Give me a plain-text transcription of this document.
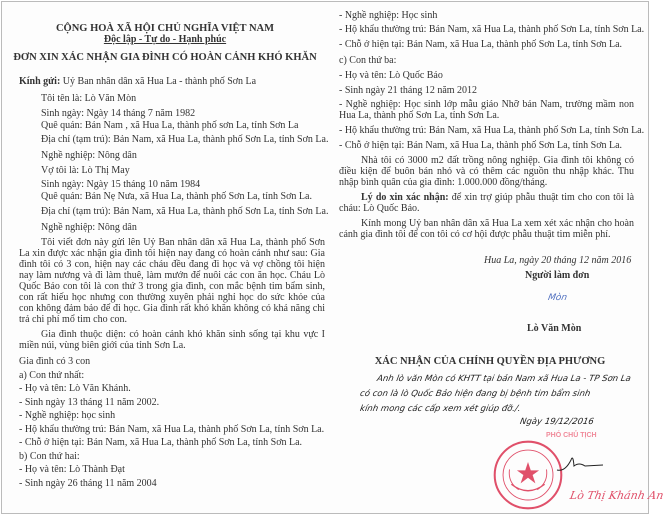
CỘNG HOÀ XÃ HỘI CHỦ NGHĨA VIỆT NAM
Độc lập - Tự do - Hạnh phúc
ĐƠN XIN XÁC NHẬN GIA ĐÌNH CÓ HOÀN CẢNH KHÓ KHĂN
Kính gửi: Uỷ Ban nhân dân xã Hua La - thành phố Sơn La
Tôi tên là: Lò Văn Mòn
Sinh ngày: Ngày 14 tháng 7 năm 1982
Quê quán: Bản Nam , xã Hua La, thành phố sơn La, tỉnh Sơn La
Địa chỉ (tạm trú): Bản Nam, xã Hua La, thành phố Sơn La, tỉnh Sơn La.
Nghề nghiệp: Nông dân
Vợ tôi là: Lò Thị May
Sinh ngày: Ngày 15 tháng 10 năm 1984
Quê quán: Bản Nẹ Nưa, xã Hua La, thành phố Sơn La, tỉnh Sơn La.
Địa chỉ (tạm trú): Bản Nam, xã Hua La, thành phố Sơn La, tỉnh Sơn La.
Nghề nghiệp: Nông dân
Tôi viết đơn này gửi lên Uỷ Ban nhân dân xã Hua La, thành phố Sơn La xin được xác nhận gia đình tôi hiện nay đang có hoàn cảnh như sau: Gia đình tôi có 3 con, hiện nay các cháu đều đang đi học và vợ chồng tôi hiện nay làm nương và đi làm thuê, làm mướn để nuôi các con ăn học. Cháu Lò Quốc Bảo con tôi là con thứ 3 trong gia đình, con mắc bệnh tim bẩm sinh, con rất hiếu học nhưng con thường xuyên phải nghỉ học do sức khỏe của con không đảm bảo để đi học. Gia đình rất khó khăn không có khả năng chi trả chi phí mổ tim cho con.
Gia đình thuộc diện: có hoàn cảnh khó khăn sinh sống tại khu vực I miền núi, vùng biên giới của tỉnh Sơn La.
Gia đình có 3 con
a) Con thứ nhất:
- Họ và tên: Lò Văn Khánh.
- Sinh ngày 13 tháng 11 năm 2002.
- Nghề nghiệp: học sinh
- Hộ khẩu thường trú: Bản Nam, xã Hua La, thành phố Sơn La, tỉnh Sơn La.
- Chỗ ở hiện tại: Bản Nam, xã Hua La, thành phố Sơn La, tỉnh Sơn La.
b) Con thứ hai:
- Họ và tên: Lò Thành Đạt
- Sinh ngày 26 tháng 11 năm 2004
- Nghề nghiệp: Học sinh
- Hộ khẩu thường trú: Bản Nam, xã Hua La, thành phố Sơn La, tỉnh Sơn La.
- Chỗ ở hiện tại: Bản Nam, xã Hua La, thành phố Sơn La, tỉnh Sơn La.
c) Con thứ ba:
- Họ và tên: Lò Quốc Bảo
- Sinh ngày 21 tháng 12 năm 2012
- Nghề nghiệp: Học sinh lớp mẫu giáo Nhỡ bản Nam, trường mầm non Hua La, thành phố Sơn La, tỉnh Sơn La.
- Hộ khẩu thường trú: Bản Nam, xã Hua La, thành phố Sơn La, tỉnh Sơn La.
- Chỗ ở hiện tại: Bản Nam, xã Hua La, thành phố Sơn La, tỉnh Sơn La.
Nhà tôi có 3000 m2 đất trồng nông nghiệp. Gia đình tôi không có điều kiện để buôn bán nhỏ và có thêm các nguồn thu nhập khác. Thu nhập bình quân của gia đình: 1.000.000 đồng/tháng.
Lý do xin xác nhận: để xin trợ giúp phẫu thuật tim cho con tôi là cháu: Lò Quốc Bảo.
Kính mong Uỷ ban nhân dân xã Hua La xem xét xác nhận cho hoàn cảnh gia đình tôi để con tôi có cơ hội được phẫu thuật tim miễn phí.
Hua La, ngày 20 tháng 12 năm 2016
Người làm đơn
Mòn
Lò Văn Mòn
XÁC NHẬN CỦA CHÍNH QUYỀN ĐỊA PHƯƠNG
Anh lò văn Mòn có KHTT tại bản Nam xã Hua La - TP Sơn La
có con là lò Quốc Bảo hiện đang bị bệnh tim bẩm sinh
kính mong các cấp xem xét giúp đỡ./.
Ngày 19/12/2016
PHÓ CHỦ TỊCH
Lò Thị Khánh An
